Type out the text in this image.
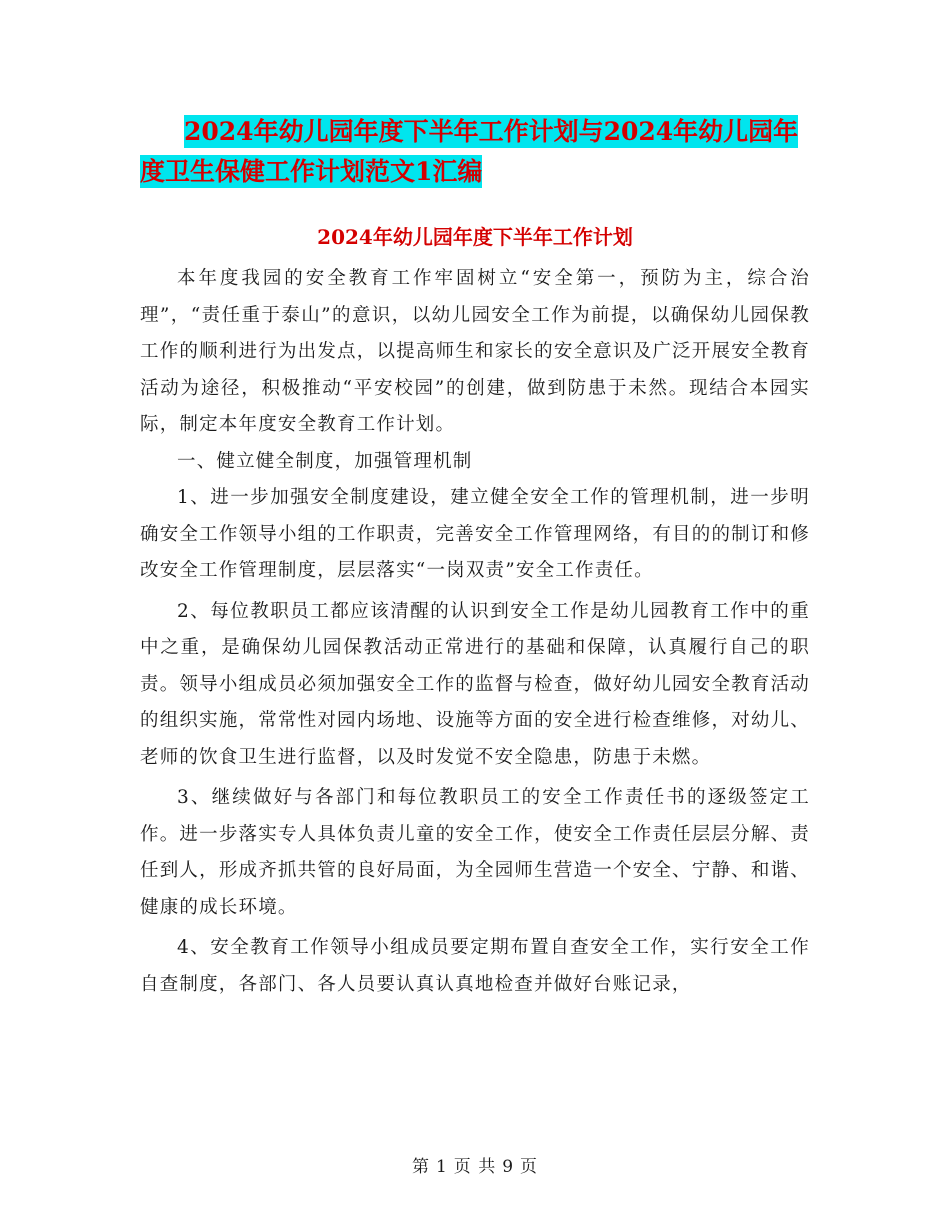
2024年幼儿园年度下半年工作计划与2024年幼儿园年
度卫生保健工作计划范文1汇编
2024年幼儿园年度下半年工作计划

本年度我园的安全教育工作牢固树立“安全第一，预防为主，综合治理”，“责任重于泰山”的意识，以幼儿园安全工作为前提，以确保幼儿园保教工作的顺利进行为出发点，以提高师生和家长的安全意识及广泛开展安全教育活动为途径，积极推动“平安校园”的创建，做到防患于未然。现结合本园实际，制定本年度安全教育工作计划。

一、健立健全制度，加强管理机制

1、进一步加强安全制度建设，建立健全安全工作的管理机制，进一步明确安全工作领导小组的工作职责，完善安全工作管理网络，有目的的制订和修改安全工作管理制度，层层落实“一岗双责”安全工作责任。

2、每位教职员工都应该清醒的认识到安全工作是幼儿园教育工作中的重中之重，是确保幼儿园保教活动正常进行的基础和保障，认真履行自己的职责。领导小组成员必须加强安全工作的监督与检查，做好幼儿园安全教育活动的组织实施，常常性对园内场地、设施等方面的安全进行检查维修，对幼儿、老师的饮食卫生进行监督，以及时发觉不安全隐患，防患于未燃。

3、继续做好与各部门和每位教职员工的安全工作责任书的逐级签定工作。进一步落实专人具体负责儿童的安全工作，使安全工作责任层层分解、责任到人，形成齐抓共管的良好局面，为全园师生营造一个安全、宁静、和谐、健康的成长环境。

4、安全教育工作领导小组成员要定期布置自查安全工作，实行安全工作自查制度，各部门、各人员要认真认真地检查并做好台账记录，

第 1 页 共 9 页
